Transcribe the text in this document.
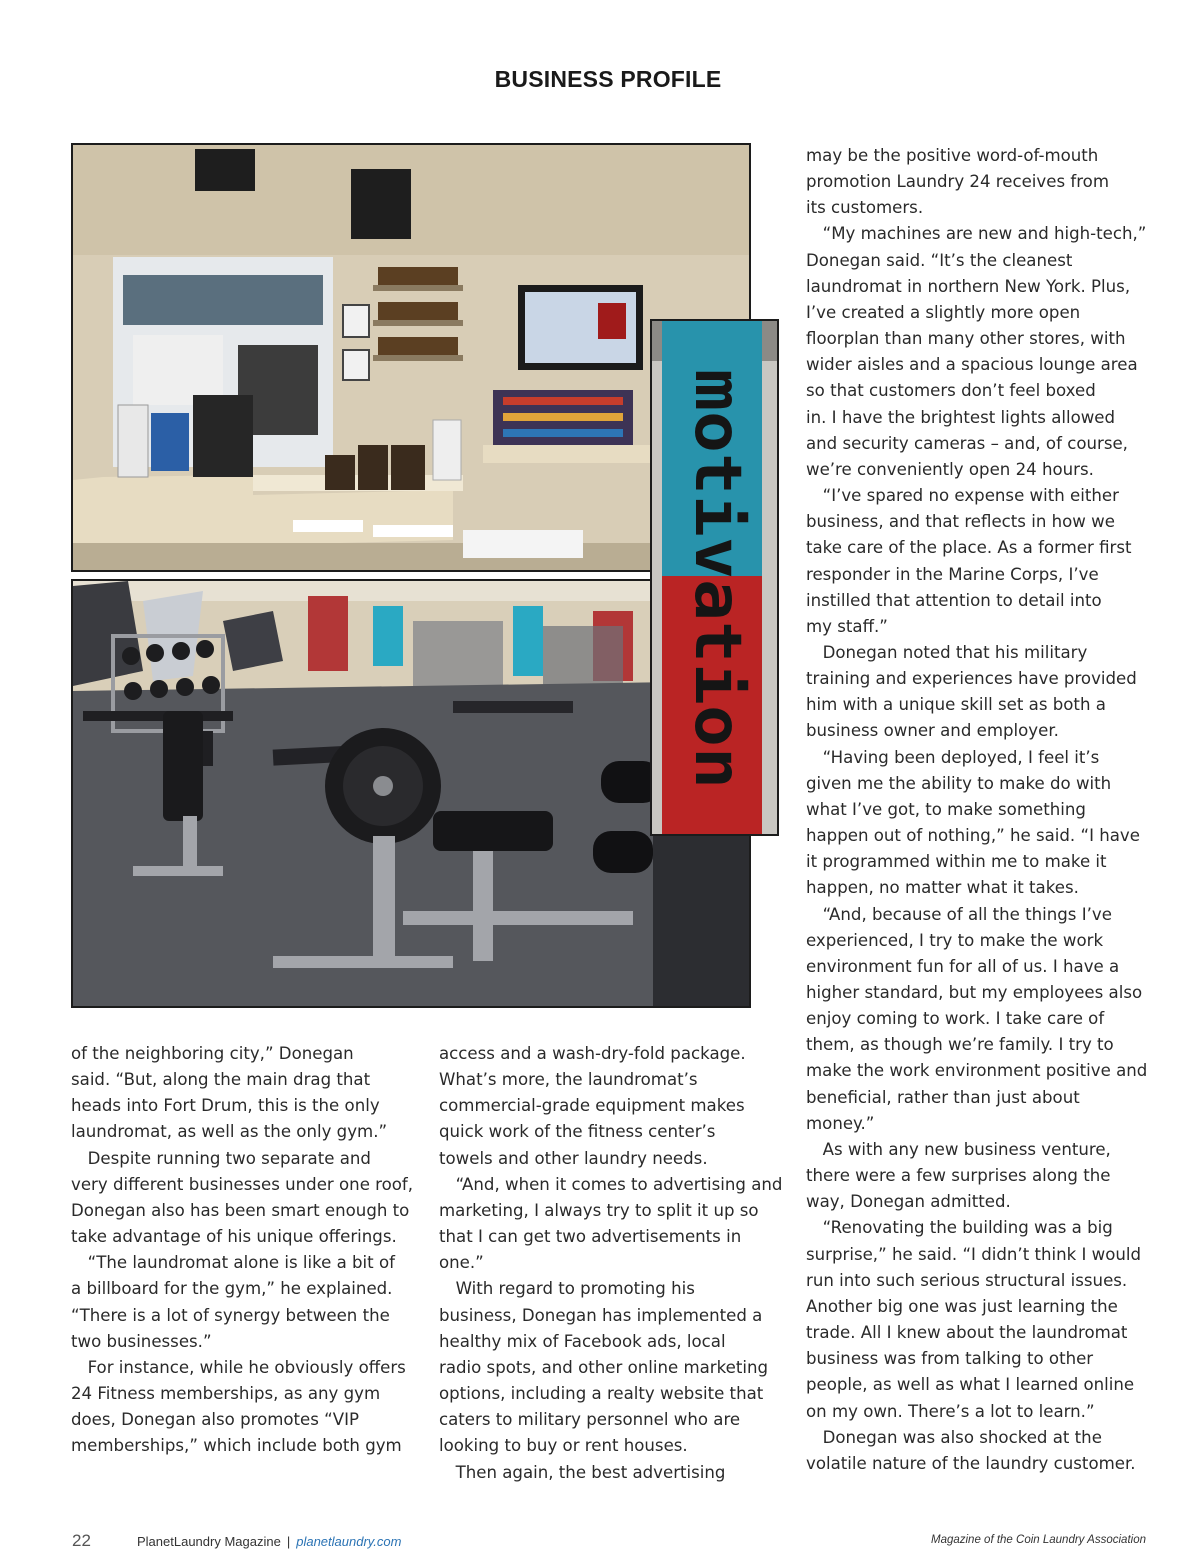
BUSINESS PROFILE
motivation

of the neighboring city,” Donegan
said. “But, along the main drag that
heads into Fort Drum, this is the only
laundromat, as well as the only gym.”
 Despite running two separate and
very different businesses under one roof,
Donegan also has been smart enough to
take advantage of his unique offerings.
 “The laundromat alone is like a bit of
a billboard for the gym,” he explained.
“There is a lot of synergy between the
two businesses.”
 For instance, while he obviously offers
24 Fitness memberships, as any gym
does, Donegan also promotes “VIP
memberships,” which include both gym

access and a wash-dry-fold package.
What’s more, the laundromat’s
commercial-grade equipment makes
quick work of the fitness center’s
towels and other laundry needs.
 “And, when it comes to advertising and
marketing, I always try to split it up so
that I can get two advertisements in one.”
 With regard to promoting his
business, Donegan has implemented a
healthy mix of Facebook ads, local
radio spots, and other online marketing
options, including a realty website that
caters to military personnel who are
looking to buy or rent houses.
 Then again, the best advertising

may be the positive word-of-mouth
promotion Laundry 24 receives from
its customers.
 “My machines are new and high-tech,”
Donegan said. “It’s the cleanest
laundromat in northern New York. Plus,
I’ve created a slightly more open
floorplan than many other stores, with
wider aisles and a spacious lounge area
so that customers don’t feel boxed
in. I have the brightest lights allowed
and security cameras – and, of course,
we’re conveniently open 24 hours.
 “I’ve spared no expense with either
business, and that reflects in how we
take care of the place. As a former first
responder in the Marine Corps, I’ve
instilled that attention to detail into
my staff.”
 Donegan noted that his military
training and experiences have provided
him with a unique skill set as both a
business owner and employer.
 “Having been deployed, I feel it’s
given me the ability to make do with
what I’ve got, to make something
happen out of nothing,” he said. “I have
it programmed within me to make it
happen, no matter what it takes.
 “And, because of all the things I’ve
experienced, I try to make the work
environment fun for all of us. I have a
higher standard, but my employees also
enjoy coming to work. I take care of
them, as though we’re family. I try to
make the work environment positive and
beneficial, rather than just about money.”
 As with any new business venture,
there were a few surprises along the
way, Donegan admitted.
 “Renovating the building was a big
surprise,” he said. “I didn’t think I would
run into such serious structural issues.
Another big one was just learning the
trade. All I knew about the laundromat
business was from talking to other
people, as well as what I learned online
on my own. There’s a lot to learn.”
 Donegan was also shocked at the
volatile nature of the laundry customer.

22	PlanetLaundry Magazine | planetlaundry.com	Magazine of the Coin Laundry Association
